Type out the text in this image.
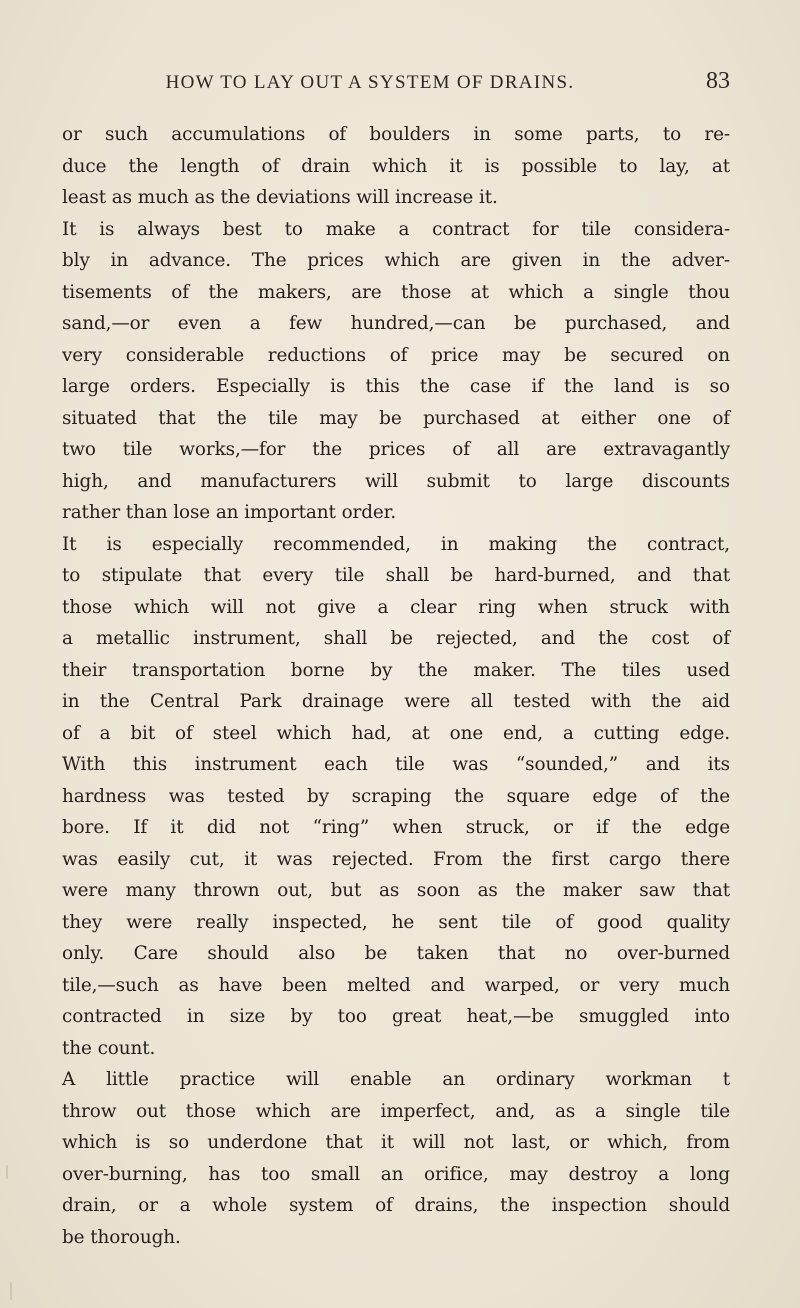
HOW TO LAY OUT A SYSTEM OF DRAINS.	83
or such accumulations of boulders in some parts, to re-
duce the length of drain which it is possible to lay, at
least as much as the deviations will increase it.
It is always best to make a contract for tile considera-
bly in advance. The prices which are given in the adver-
tisements of the makers, are those at which a single thou
sand,—or even a few hundred,—can be purchased, and
very considerable reductions of price may be secured on
large orders. Especially is this the case if the land is so
situated that the tile may be purchased at either one of
two tile works,—for the prices of all are extravagantly
high, and manufacturers will submit to large discounts
rather than lose an important order.
It is especially recommended, in making the contract,
to stipulate that every tile shall be hard-burned, and that
those which will not give a clear ring when struck with
a metallic instrument, shall be rejected, and the cost of
their transportation borne by the maker. The tiles used
in the Central Park drainage were all tested with the aid
of a bit of steel which had, at one end, a cutting edge.
With this instrument each tile was “sounded,” and its
hardness was tested by scraping the square edge of the
bore. If it did not “ring” when struck, or if the edge
was easily cut, it was rejected. From the first cargo there
were many thrown out, but as soon as the maker saw that
they were really inspected, he sent tile of good quality
only. Care should also be taken that no over-burned
tile,—such as have been melted and warped, or very much
contracted in size by too great heat,—be smuggled into
the count.
A little practice will enable an ordinary workman t
throw out those which are imperfect, and, as a single tile
which is so underdone that it will not last, or which, from
over-burning, has too small an orifice, may destroy a long
drain, or a whole system of drains, the inspection should
be thorough.
